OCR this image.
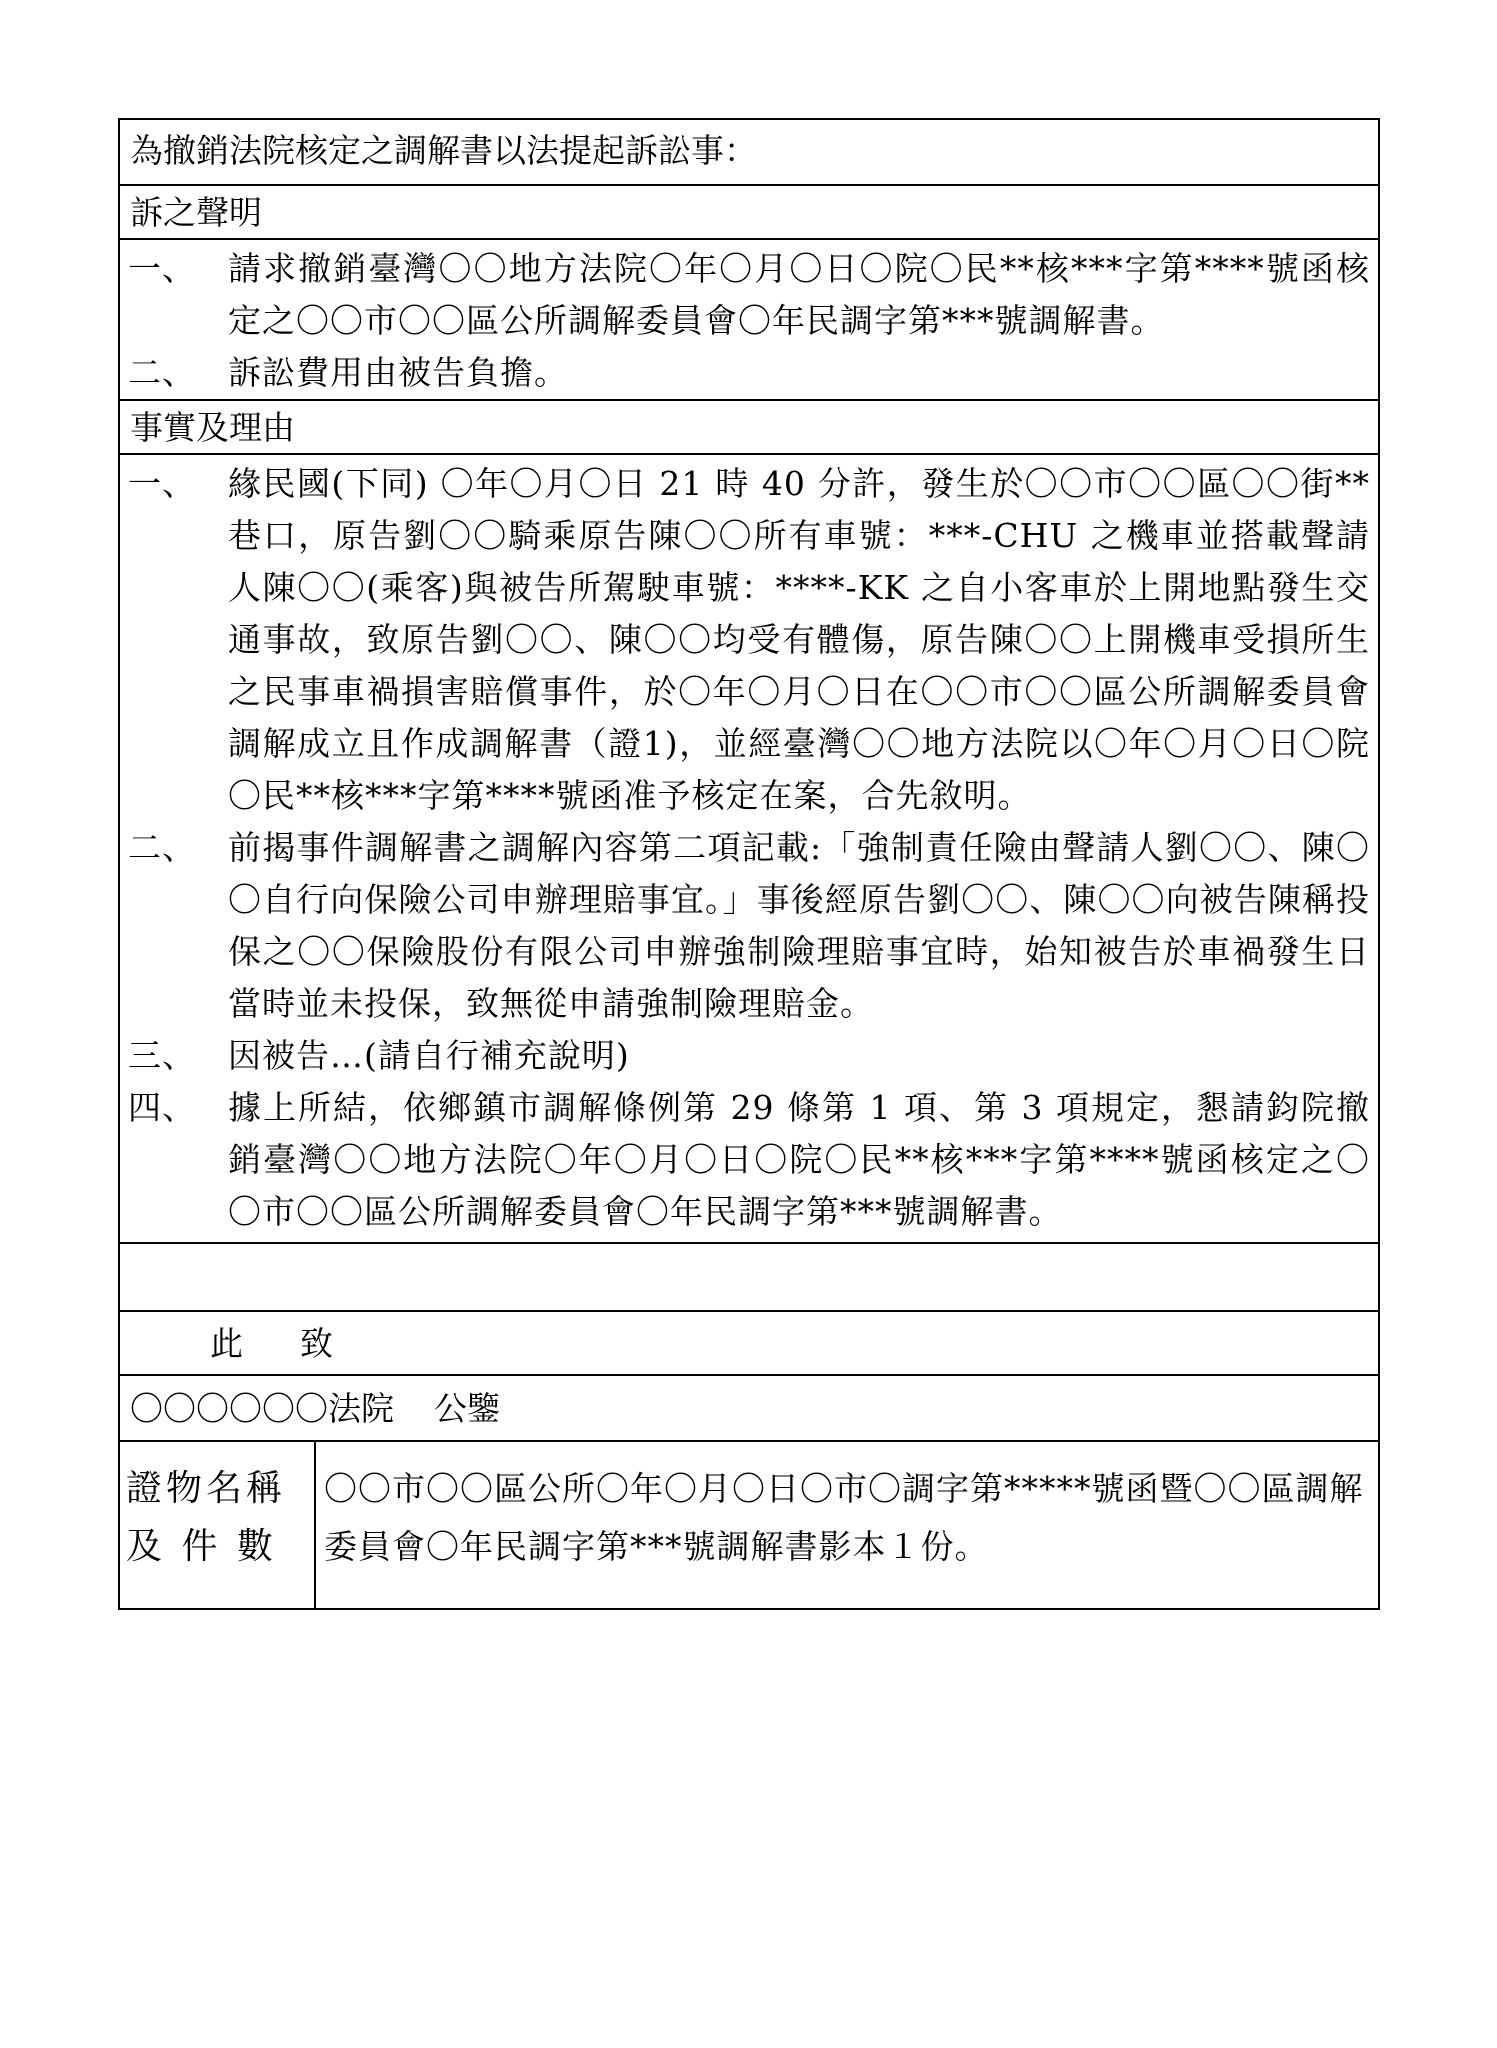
為撤銷法院核定之調解書以法提起訴訟事：
訴之聲明
一、 請求撤銷臺灣〇〇地方法院〇年〇月〇日〇院〇民**核***字第****號函核定之〇〇市〇〇區公所調解委員會〇年民調字第***號調解書。
二、 訴訟費用由被告負擔。
事實及理由
一、 緣民國(下同) 〇年〇月〇日 21 時 40 分許，發生於〇〇市〇〇區〇〇街**巷口，原告劉〇〇騎乘原告陳〇〇所有車號：***-CHU 之機車並搭載聲請人陳〇〇(乘客)與被告所駕駛車號：****-KK 之自小客車於上開地點發生交通事故，致原告劉〇〇、陳〇〇均受有體傷，原告陳〇〇上開機車受損所生之民事車禍損害賠償事件，於〇年〇月〇日在〇〇市〇〇區公所調解委員會調解成立且作成調解書（證1)，並經臺灣〇〇地方法院以〇年〇月〇日〇院〇民**核***字第****號函准予核定在案，合先敘明。
二、 前揭事件調解書之調解內容第二項記載:「強制責任險由聲請人劉〇〇、陳〇〇自行向保險公司申辦理賠事宜。」事後經原告劉〇〇、陳〇〇向被告陳稱投保之〇〇保險股份有限公司申辦強制險理賠事宜時，始知被告於車禍發生日當時並未投保，致無從申請強制險理賠金。
三、 因被告…(請自行補充說明)
四、 據上所結，依鄉鎮市調解條例第 29 條第 1 項、第 3 項規定，懇請鈞院撤銷臺灣〇〇地方法院〇年〇月〇日〇院〇民**核***字第****號函核定之〇〇市〇〇區公所調解委員會〇年民調字第***號調解書。
此 致
〇〇〇〇〇〇法院 公鑒
證物名稱
及 件 數
〇〇市〇〇區公所〇年〇月〇日〇市〇調字第*****號函暨〇〇區調解委員會〇年民調字第***號調解書影本１份。
